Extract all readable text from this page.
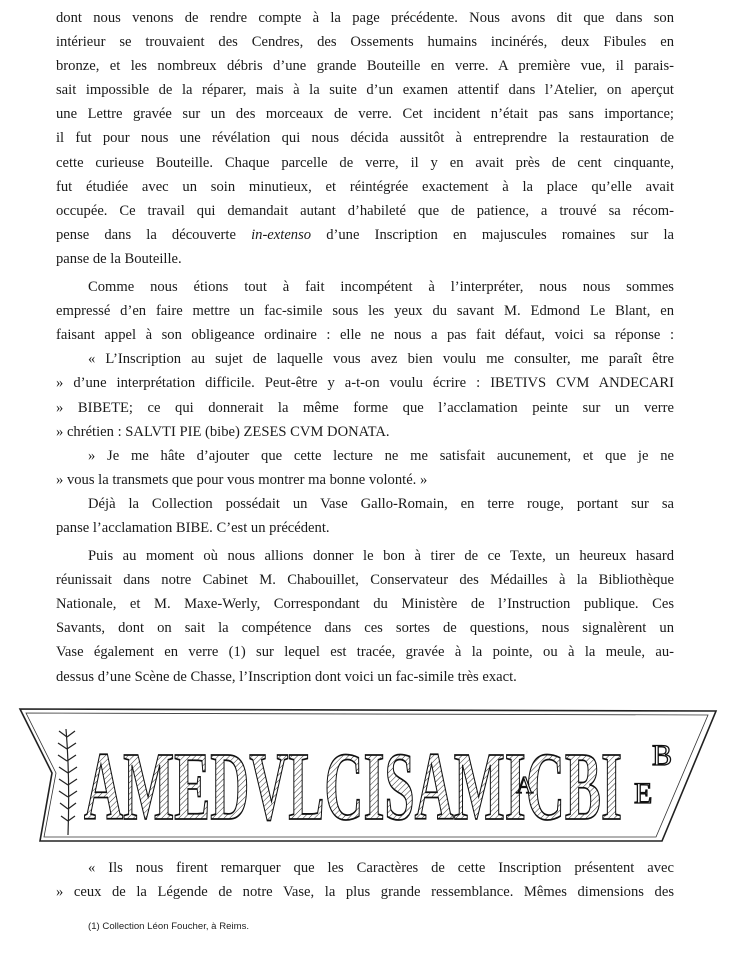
dont nous venons de rendre compte à la page précédente. Nous avons dit que dans son
intérieur se trouvaient des Cendres, des Ossements humains incinérés, deux Fibules en
bronze, et les nombreux débris d’une grande Bouteille en verre. A première vue, il parais-
sait impossible de la réparer, mais à la suite d’un examen attentif dans l’Atelier, on aperçut
une Lettre gravée sur un des morceaux de verre. Cet incident n’était pas sans importance;
il fut pour nous une révélation qui nous décida aussitôt à entreprendre la restauration de
cette curieuse Bouteille. Chaque parcelle de verre, il y en avait près de cent cinquante,
fut étudiée avec un soin minutieux, et réintégrée exactement à la place qu’elle avait
occupée. Ce travail qui demandait autant d’habileté que de patience, a trouvé sa récom-
pense dans la découverte in-extenso d’une Inscription en majuscules romaines sur la
panse de la Bouteille.

Comme nous étions tout à fait incompétent à l’interpréter, nous nous sommes
empressé d’en faire mettre un fac-simile sous les yeux du savant M. Edmond Le Blant, en
faisant appel à son obligeance ordinaire : elle ne nous a pas fait défaut, voici sa réponse :

« L’Inscription au sujet de laquelle vous avez bien voulu me consulter, me paraît être
» d’une interprétation difficile. Peut-être y a-t-on voulu écrire : IBETIVS CVM ANDECARI
» BIBETE; ce qui donnerait la même forme que l’acclamation peinte sur un verre
» chrétien : SALVTI PIE (bibe) ZESES CVM DONATA.

» Je me hâte d’ajouter que cette lecture ne me satisfait aucunement, et que je ne
» vous la transmets que pour vous montrer ma bonne volonté. »

Déjà la Collection possédait un Vase Gallo-Romain, en terre rouge, portant sur sa
panse l’acclamation BIBE. C’est un précédent.

Puis au moment où nous allions donner le bon à tirer de ce Texte, un heureux hasard
réunissait dans notre Cabinet M. Chabouillet, Conservateur des Médailles à la Bibliothèque
Nationale, et M. Maxe-Werly, Correspondant du Ministère de l’Instruction publique. Ces
Savants, dont on sait la compétence dans ces sortes de questions, nous signalèrent un
Vase également en verre (1) sur lequel est tracée, gravée à la pointe, ou à la meule, au-
dessus d’une Scène de Chasse, l’Inscription dont voici un fac-simile très exact.

AMEDVLCISAMICBI
A
B
E

« Ils nous firent remarquer que les Caractères de cette Inscription présentent avec
» ceux de la Légende de notre Vase, la plus grande ressemblance. Mêmes dimensions des

(1) Collection Léon Foucher, à Reims.
